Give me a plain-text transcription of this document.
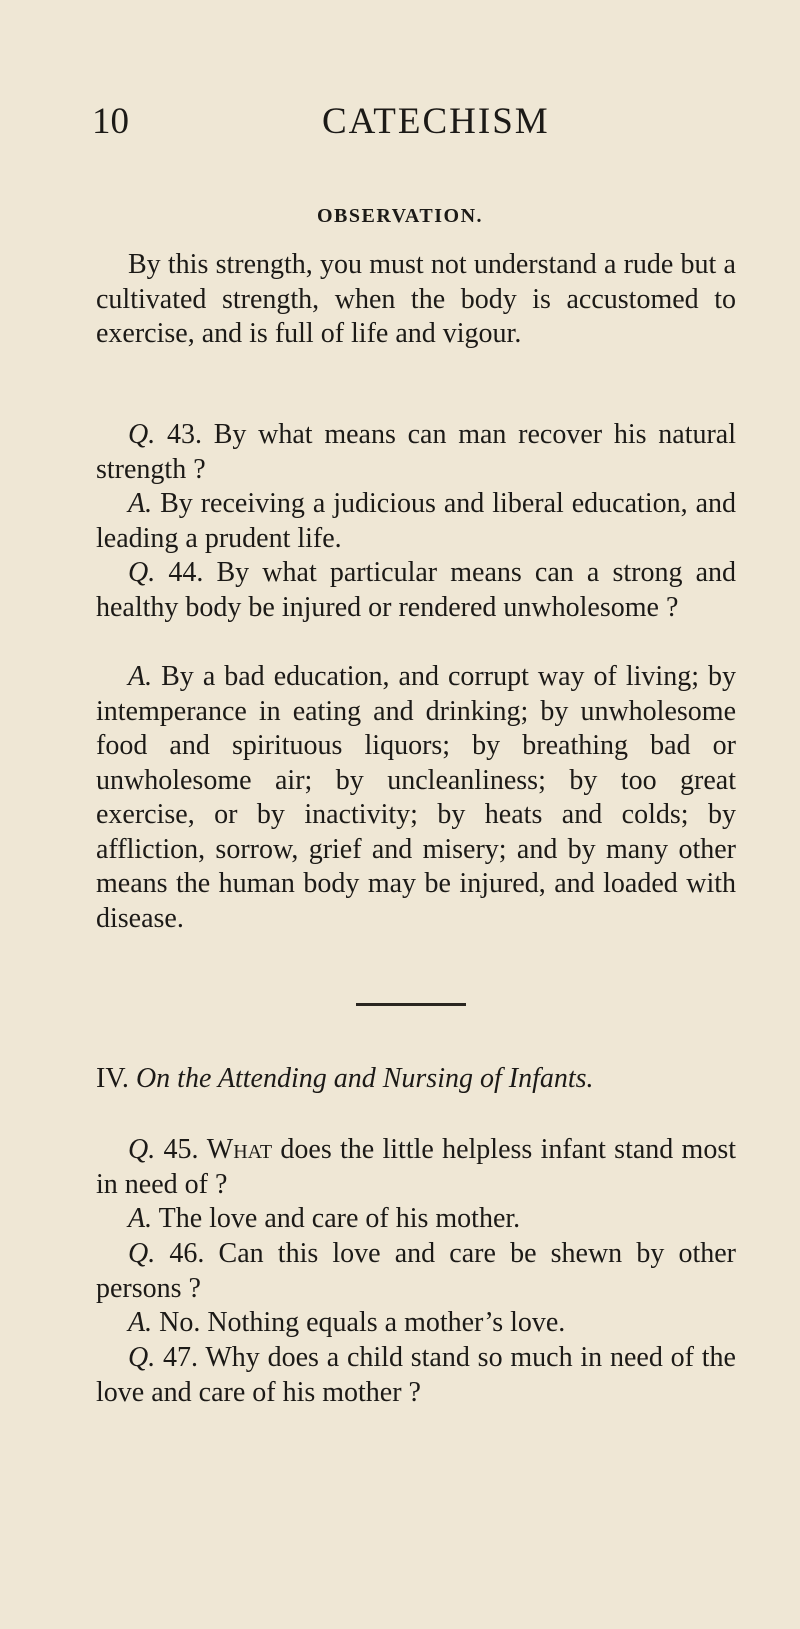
10	CATECHISM
OBSERVATION.
By this strength, you must not understand a rude but a cultivated strength, when the body is accustomed to exercise, and is full of life and vigour.
Q. 43. By what means can man recover his natural strength ?
A. By receiving a judicious and liberal education, and leading a prudent life.
Q. 44. By what particular means can a strong and healthy body be injured or rendered unwholesome ?
A. By a bad education, and corrupt way of living; by intemperance in eating and drinking; by unwholesome food and spirituous liquors; by breathing bad or unwholesome air; by uncleanliness; by too great exercise, or by inactivity; by heats and colds; by affliction, sorrow, grief and misery; and by many other means the human body may be injured, and loaded with disease.
IV. On the Attending and Nursing of Infants.
Q. 45. What does the little helpless infant stand most in need of ?
A. The love and care of his mother.
Q. 46. Can this love and care be shewn by other persons ?
A. No. Nothing equals a mother’s love.
Q. 47. Why does a child stand so much in need of the love and care of his mother ?
